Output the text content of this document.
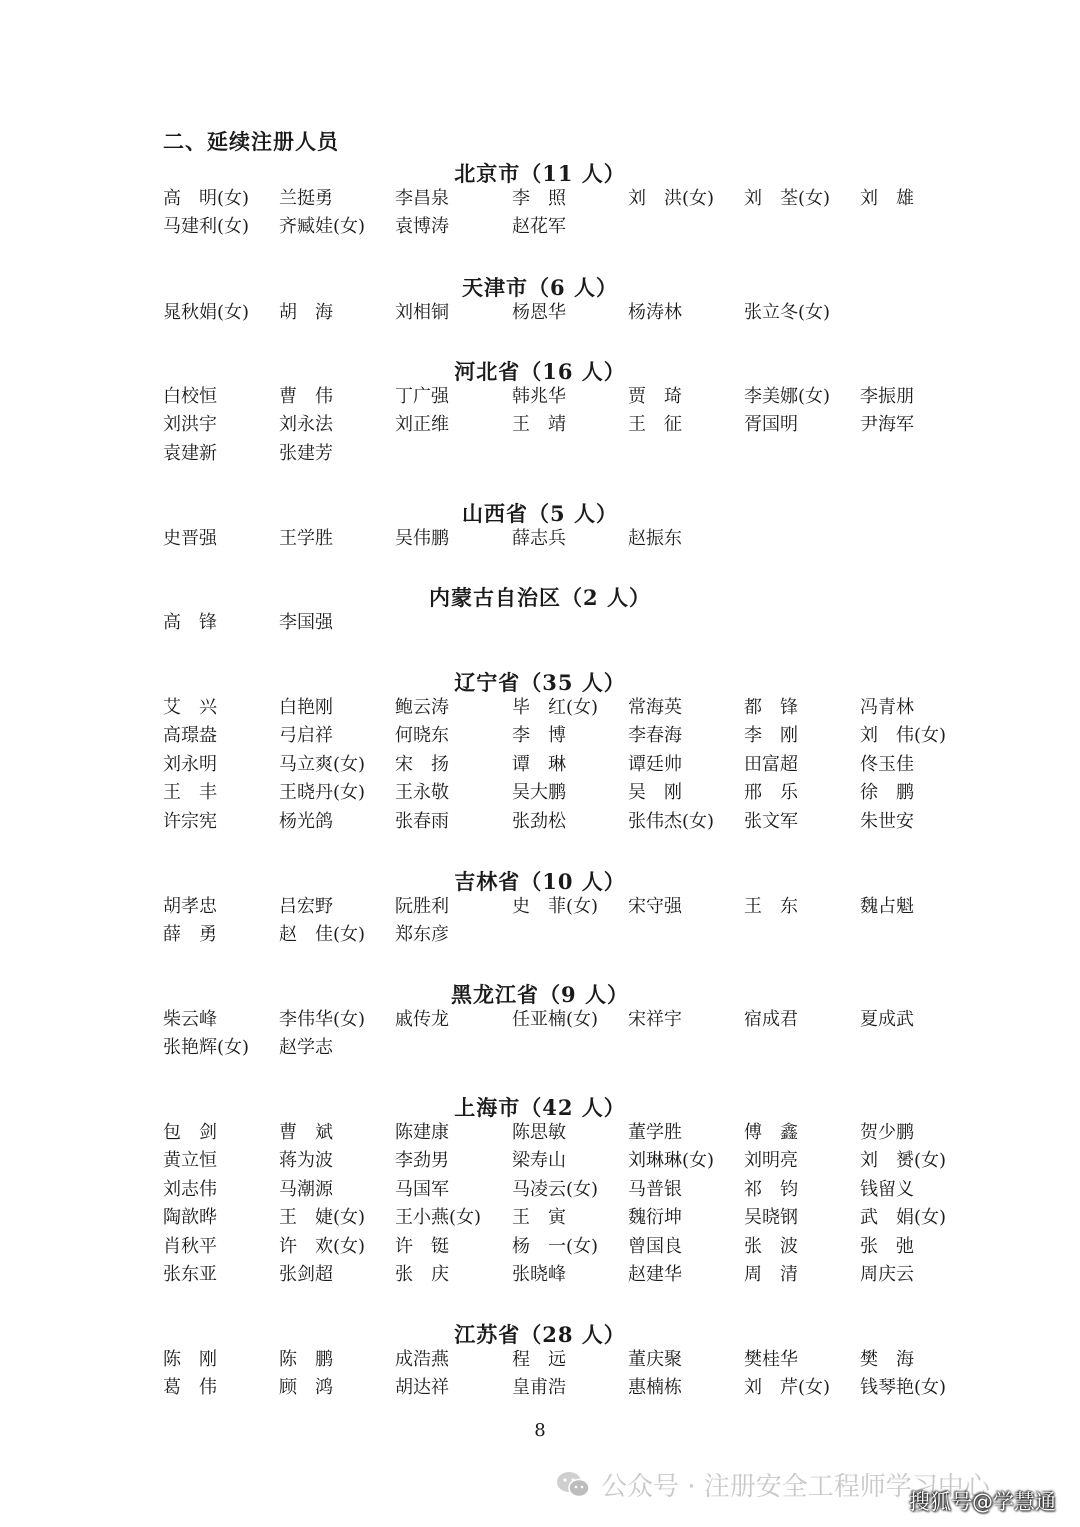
二、延续注册人员
北京市（11 人）
高　明(女) 兰挺勇	李昌泉	李　照	刘　洪(女) 刘　荃(女) 刘　雄
马建利(女) 齐臧娃(女) 袁博涛	赵花军
天津市（6 人）
晁秋娟(女) 胡　海	刘相铜	杨恩华	杨涛林	张立冬(女)
河北省（16 人）
白校恒	曹　伟	丁广强	韩兆华	贾　琦	李美娜(女) 李振朋
刘洪宇	刘永法	刘正维	王　靖	王　征	胥国明	尹海军
袁建新	张建芳
山西省（5 人）
史晋强	王学胜	吴伟鹏	薛志兵	赵振东
内蒙古自治区（2 人）
高　锋	李国强
辽宁省（35 人）
艾　兴	白艳刚	鲍云涛	毕　红(女) 常海英	都　锋	冯青林
高璟盎	弓启祥	何晓东	李　博	李春海	李　刚	刘　伟(女)
刘永明	马立爽(女) 宋　扬	谭　琳	谭廷帅	田富超	佟玉佳
王　丰	王晓丹(女) 王永敬	吴大鹏	吴　刚	邢　乐	徐　鹏
许宗宪	杨光鸽	张春雨	张劲松	张伟杰(女) 张文军	朱世安
吉林省（10 人）
胡孝忠	吕宏野	阮胜利	史　菲(女) 宋守强	王　东	魏占魁
薛　勇	赵　佳(女) 郑东彦
黑龙江省（9 人）
柴云峰	李伟华(女) 戚传龙	任亚楠(女) 宋祥宇	宿成君	夏成武
张艳辉(女) 赵学志
上海市（42 人）
包　剑	曹　斌	陈建康	陈思敏	董学胜	傅　鑫	贺少鹏
黄立恒	蒋为波	李劲男	梁寿山	刘琳琳(女) 刘明亮	刘　赟(女)
刘志伟	马潮源	马国军	马凌云(女) 马普银	祁　钧	钱留义
陶歆晔	王　婕(女) 王小燕(女) 王　寅	魏衍坤	吴晓钢	武　娟(女)
肖秋平	许　欢(女) 许　铤	杨　一(女) 曾国良	张　波	张　弛
张东亚	张剑超	张　庆	张晓峰	赵建华	周　清	周庆云
江苏省（28 人）
陈　刚	陈　鹏	成浩燕	程　远	董庆聚	樊桂华	樊　海
葛　伟	顾　鸿	胡达祥	皇甫浩	惠楠栋	刘　芹(女) 钱琴艳(女)
8
公众号 · 注册安全工程师学习中心
搜狐号@学慧通
